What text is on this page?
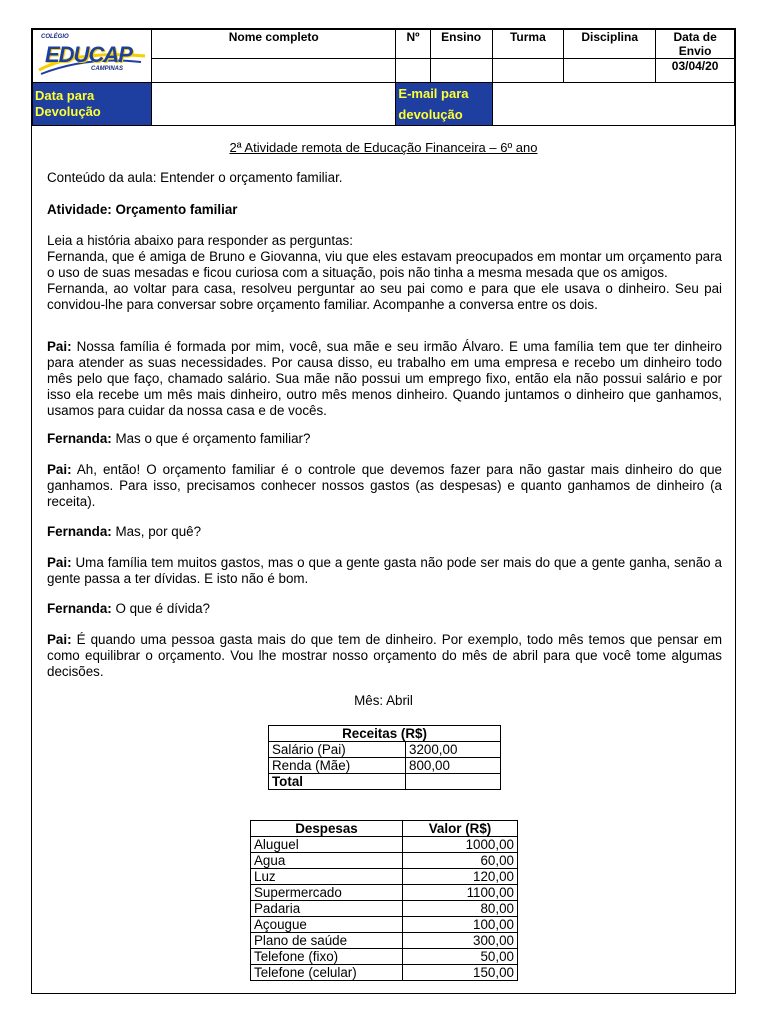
COLÉGIO
EDUCAP
CAMPINAS	Nome completo	Nº	Ensino	Turma	Disciplina	Data de Envio
						03/04/20
Data para Devolução		E-mail para devolução				
2ª Atividade remota de Educação Financeira – 6º ano

Conteúdo da aula: Entender o orçamento familiar.

Atividade: Orçamento familiar

Leia a história abaixo para responder as perguntas:

Fernanda, que é amiga de Bruno e Giovanna, viu que eles estavam preocupados em montar um orçamento para o uso de suas mesadas e ficou curiosa com a situação, pois não tinha a mesma mesada que os amigos.

Fernanda, ao voltar para casa, resolveu perguntar ao seu pai como e para que ele usava o dinheiro. Seu pai convidou-lhe para conversar sobre orçamento familiar. Acompanhe a conversa entre os dois.

Pai: Nossa família é formada por mim, você, sua mãe e seu irmão Álvaro. E uma família tem que ter dinheiro para atender as suas necessidades. Por causa disso, eu trabalho em uma empresa e recebo um dinheiro todo mês pelo que faço, chamado salário. Sua mãe não possui um emprego fixo, então ela não possui salário e por isso ela recebe um mês mais dinheiro, outro mês menos dinheiro. Quando juntamos o dinheiro que ganhamos, usamos para cuidar da nossa casa e de vocês.

Fernanda: Mas o que é orçamento familiar?

Pai: Ah, então! O orçamento familiar é o controle que devemos fazer para não gastar mais dinheiro do que ganhamos. Para isso, precisamos conhecer nossos gastos (as despesas) e quanto ganhamos de dinheiro (a receita).

Fernanda: Mas, por quê?

Pai: Uma família tem muitos gastos, mas o que a gente gasta não pode ser mais do que a gente ganha, senão a gente passa a ter dívidas. E isto não é bom.

Fernanda: O que é dívida?

Pai: É quando uma pessoa gasta mais do que tem de dinheiro. Por exemplo, todo mês temos que pensar em como equilibrar o orçamento. Vou lhe mostrar nosso orçamento do mês de abril para que você tome algumas decisões.

Mês: Abril
Receitas (R$)	
Salário (Pai)	3200,00
Renda (Mãe)	800,00
Total	
Despesas	Valor (R$)
Aluguel	1000,00
Agua	60,00
Luz	120,00
Supermercado	1100,00
Padaria	80,00
Açougue	100,00
Plano de saúde	300,00
Telefone (fixo)	50,00
Telefone (celular)	150,00
